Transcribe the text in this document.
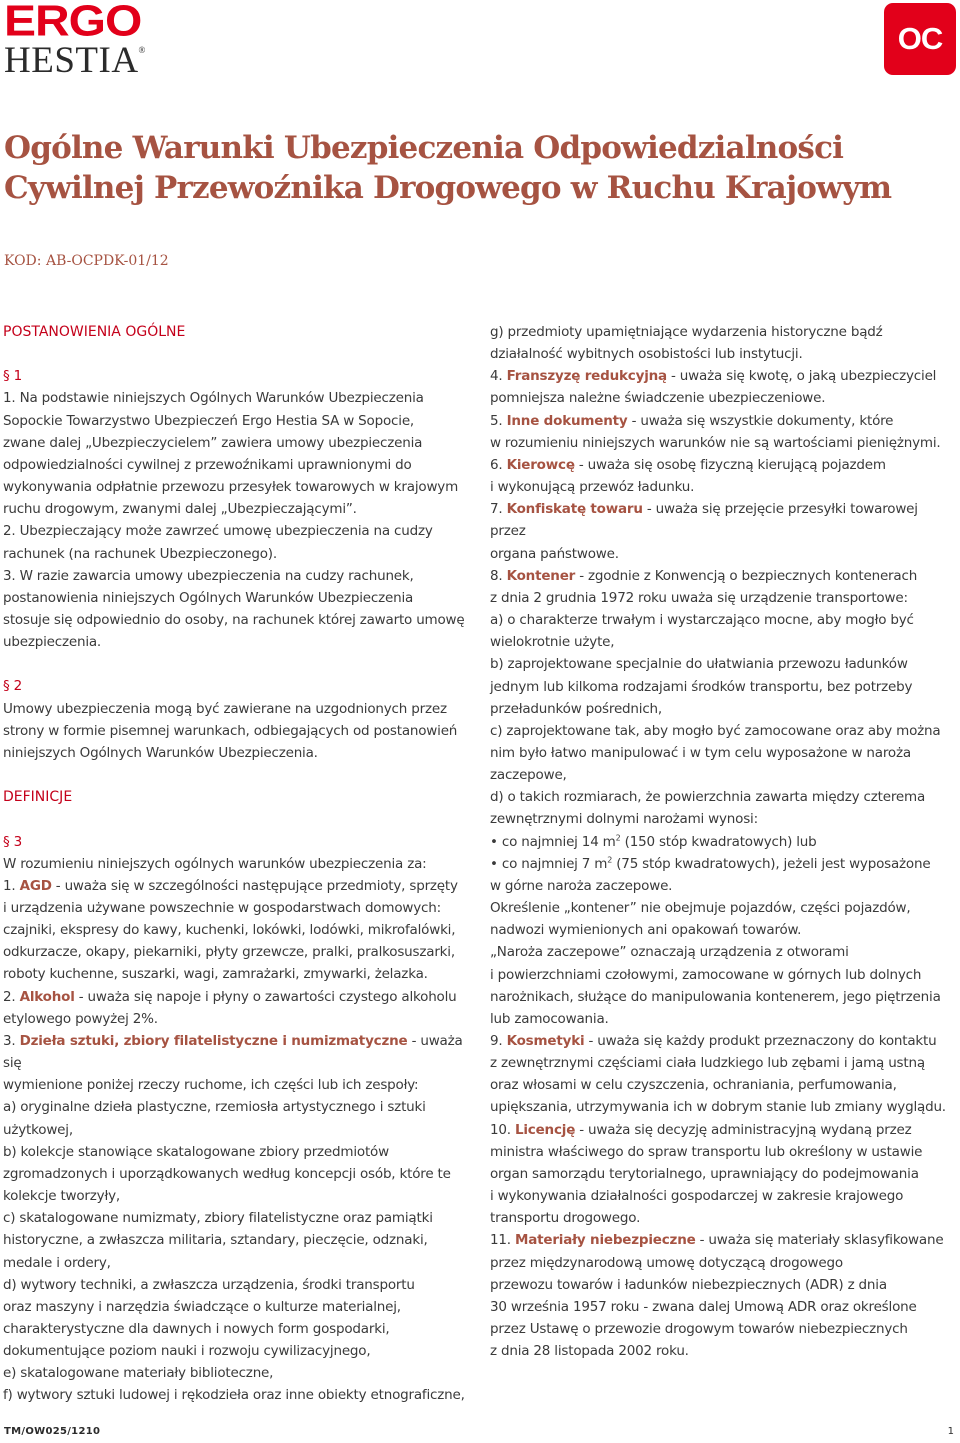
ERGO
HESTIA®	OC
Ogólne Warunki Ubezpieczenia Odpowiedzialności Cywilnej Przewoźnika Drogowego w Ruchu Krajowym
KOD: AB-OCPDK-01/12

POSTANOWIENIA OGÓLNE

§ 1

1. Na podstawie niniejszych Ogólnych Warunków Ubezpieczenia

Sopockie Towarzystwo Ubezpieczeń Ergo Hestia SA w Sopocie,

zwane dalej „Ubezpieczycielem” zawiera umowy ubezpieczenia

odpowiedzialności cywilnej z przewoźnikami uprawnionymi do

wykonywania odpłatnie przewozu przesyłek towarowych w krajowym

ruchu drogowym, zwanymi dalej „Ubezpieczającymi”.

2. Ubezpieczający może zawrzeć umowę ubezpieczenia na cudzy

rachunek (na rachunek Ubezpieczonego).

3. W razie zawarcia umowy ubezpieczenia na cudzy rachunek,

postanowienia niniejszych Ogólnych Warunków Ubezpieczenia

stosuje się odpowiednio do osoby, na rachunek której zawarto umowę

ubezpieczenia.

§ 2

Umowy ubezpieczenia mogą być zawierane na uzgodnionych przez

strony w formie pisemnej warunkach, odbiegających od postanowień

niniejszych Ogólnych Warunków Ubezpieczenia.

DEFINICJE

§ 3

W rozumieniu niniejszych ogólnych warunków ubezpieczenia za:

1. AGD - uważa się w szczególności następujące przedmioty, sprzęty

i urządzenia używane powszechnie w gospodarstwach domowych:

czajniki, ekspresy do kawy, kuchenki, lokówki, lodówki, mikrofalówki,

odkurzacze, okapy, piekarniki, płyty grzewcze, pralki, pralkosuszarki,

roboty kuchenne, suszarki, wagi, zamrażarki, zmywarki, żelazka.

2. Alkohol - uważa się napoje i płyny o zawartości czystego alkoholu

etylowego powyżej 2%.

3. Dzieła sztuki, zbiory filatelistyczne i numizmatyczne - uważa się

wymienione poniżej rzeczy ruchome, ich części lub ich zespoły:

a) oryginalne dzieła plastyczne, rzemiosła artystycznego i sztuki

użytkowej,

b) kolekcje stanowiące skatalogowane zbiory przedmiotów

zgromadzonych i uporządkowanych według koncepcji osób, które te

kolekcje tworzyły,

c) skatalogowane numizmaty, zbiory filatelistyczne oraz pamiątki

historyczne, a zwłaszcza militaria, sztandary, pieczęcie, odznaki,

medale i ordery,

d) wytwory techniki, a zwłaszcza urządzenia, środki transportu

oraz maszyny i narzędzia świadczące o kulturze materialnej,

charakterystyczne dla dawnych i nowych form gospodarki,

dokumentujące poziom nauki i rozwoju cywilizacyjnego,

e) skatalogowane materiały biblioteczne,

f) wytwory sztuki ludowej i rękodzieła oraz inne obiekty etnograficzne,

g) przedmioty upamiętniające wydarzenia historyczne bądź

działalność wybitnych osobistości lub instytucji.

4. Franszyzę redukcyjną - uważa się kwotę, o jaką ubezpieczyciel

pomniejsza należne świadczenie ubezpieczeniowe.

5. Inne dokumenty - uważa się wszystkie dokumenty, które

w rozumieniu niniejszych warunków nie są wartościami pieniężnymi.

6. Kierowcę - uważa się osobę fizyczną kierującą pojazdem

i wykonującą przewóz ładunku.

7. Konfiskatę towaru - uważa się przejęcie przesyłki towarowej przez

organa państwowe.

8. Kontener - zgodnie z Konwencją o bezpiecznych kontenerach

z dnia 2 grudnia 1972 roku uważa się urządzenie transportowe:

a) o charakterze trwałym i wystarczająco mocne, aby mogło być

wielokrotnie użyte,

b) zaprojektowane specjalnie do ułatwiania przewozu ładunków

jednym lub kilkoma rodzajami środków transportu, bez potrzeby

przeładunków pośrednich,

c) zaprojektowane tak, aby mogło być zamocowane oraz aby można

nim było łatwo manipulować i w tym celu wyposażone w naroża

zaczepowe,

d) o takich rozmiarach, że powierzchnia zawarta między czterema

zewnętrznymi dolnymi narożami wynosi:

• co najmniej 14 $m^2$ (150 stóp kwadratowych) lub

• co najmniej 7 $m^2$ (75 stóp kwadratowych), jeżeli jest wyposażone

w górne naroża zaczepowe.

Określenie „kontener” nie obejmuje pojazdów, części pojazdów,

nadwozi wymienionych ani opakowań towarów.

„Naroża zaczepowe” oznaczają urządzenia z otworami

i powierzchniami czołowymi, zamocowane w górnych lub dolnych

narożnikach, służące do manipulowania kontenerem, jego piętrzenia

lub zamocowania.

9. Kosmetyki - uważa się każdy produkt przeznaczony do kontaktu

z zewnętrznymi częściami ciała ludzkiego lub zębami i jamą ustną

oraz włosami w celu czyszczenia, ochraniania, perfumowania,

upiększania, utrzymywania ich w dobrym stanie lub zmiany wyglądu.

10. Licencję - uważa się decyzję administracyjną wydaną przez

ministra właściwego do spraw transportu lub określony w ustawie

organ samorządu terytorialnego, uprawniający do podejmowania

i wykonywania działalności gospodarczej w zakresie krajowego

transportu drogowego.

11. Materiały niebezpieczne - uważa się materiały sklasyfikowane

przez międzynarodową umowę dotyczącą drogowego

przewozu towarów i ładunków niebezpiecznych (ADR) z dnia

30 września 1957 roku - zwana dalej Umową ADR oraz określone

przez Ustawę o przewozie drogowym towarów niebezpiecznych

z dnia 28 listopada 2002 roku.

TM/OW025/1210	1
